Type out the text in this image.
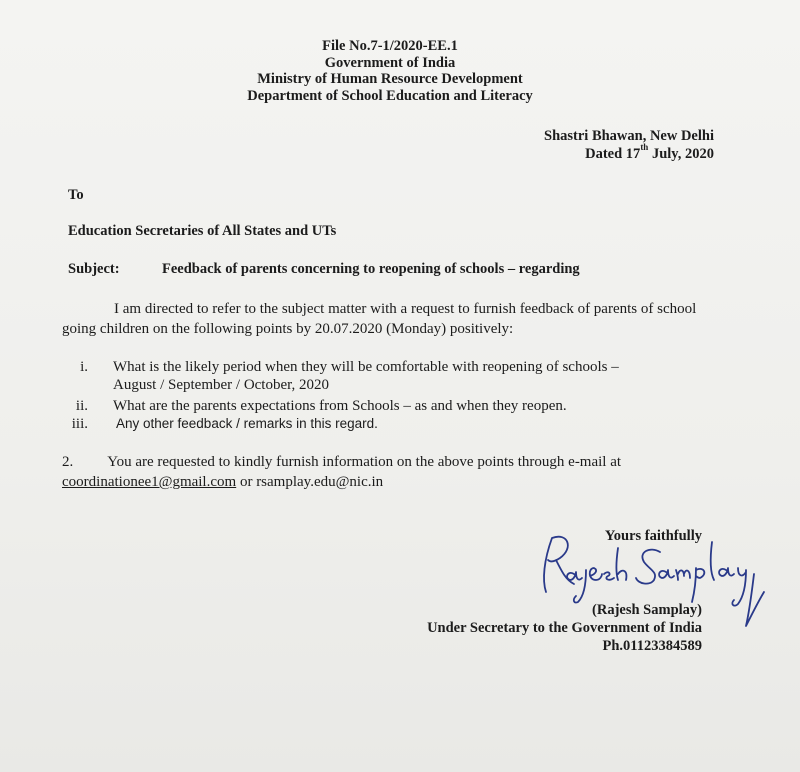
File No.7-1/2020-EE.1
Government of India
Ministry of Human Resource Development
Department of School Education and Literacy
Shastri Bhawan, New Delhi
Dated 17th July, 2020
To
Education Secretaries of All States and UTs
Subject:	Feedback of parents concerning to reopening of schools – regarding
I am directed to refer to the subject matter with a request to furnish feedback of parents of school going children on the following points by 20.07.2020 (Monday) positively:
i. What is the likely period when they will be comfortable with reopening of schools –
August / September / October, 2020
ii. What are the parents expectations from Schools – as and when they reopen.
iii. Any other feedback / remarks in this regard.
2. You are requested to kindly furnish information on the above points through e-mail at
coordinationee1@gmail.com or rsamplay.edu@nic.in
Yours faithfully
(Rajesh Samplay)
Under Secretary to the Government of India
Ph.01123384589
